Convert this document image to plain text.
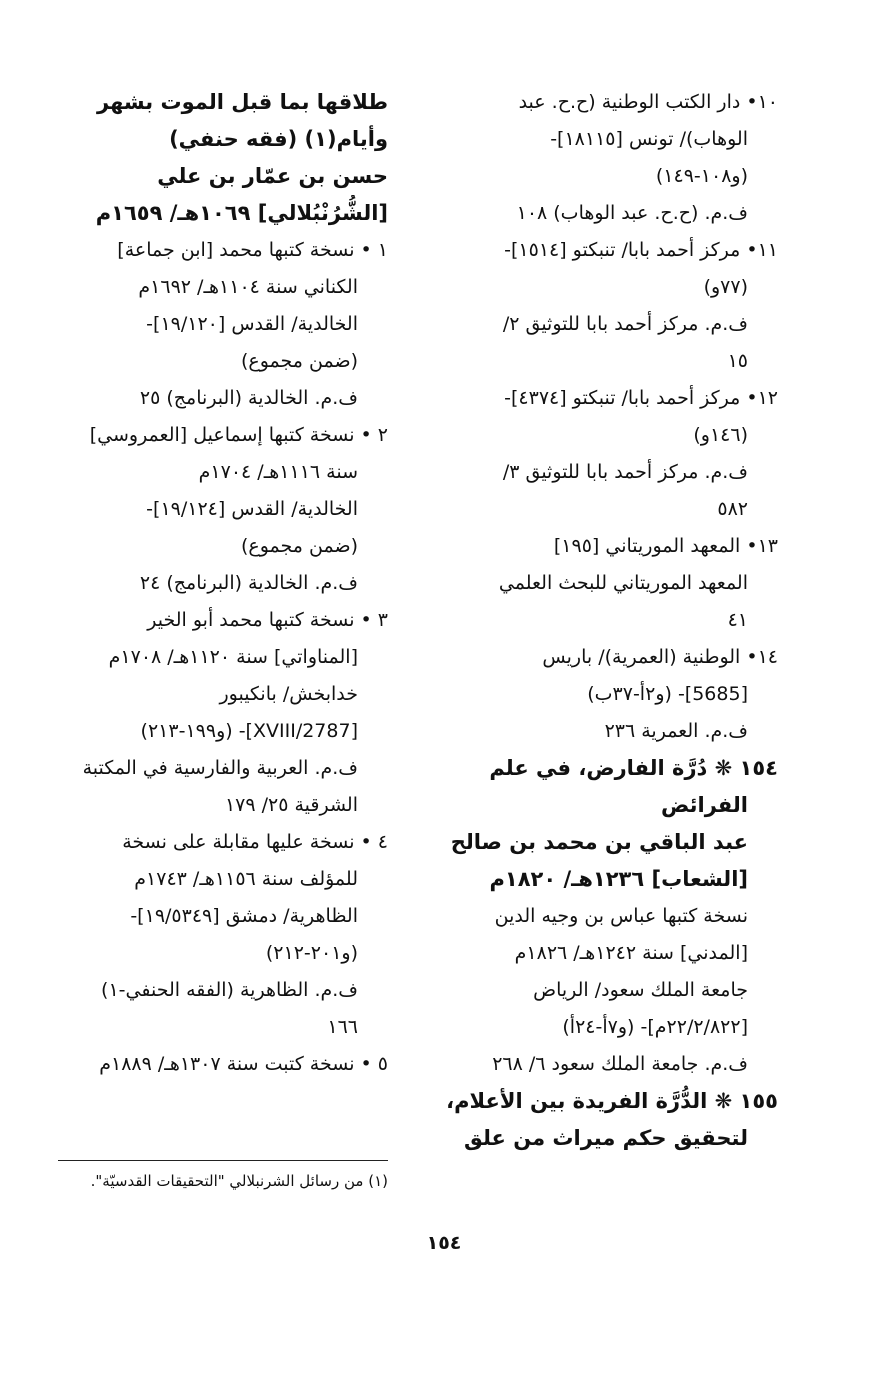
١٠• دار الكتب الوطنية (ح.ح. عبد
الوهاب)/ تونس [١٨١١٥]-
(و١٠٨-١٤٩)
ف.م. (ح.ح. عبد الوهاب) ١٠٨
١١• مركز أحمد بابا/ تنبكتو [١٥١٤]-
(٧٧و)
ف.م. مركز أحمد بابا للتوثيق ٢/
١٥
١٢• مركز أحمد بابا/ تنبكتو [٤٣٧٤]-
(١٤٦و)
ف.م. مركز أحمد بابا للتوثيق ٣/
٥٨٢
١٣• المعهد الموريتاني [١٩٥]
المعهد الموريتاني للبحث العلمي
٤١
١٤• الوطنية (العمرية)/ باريس
[5685]- (و٢أ-٣٧ب)
ف.م. العمرية ٢٣٦
١٥٤ ❋ دُرَّة الفارض، في علم
الفرائض
عبد الباقي بن محمد بن صالح
[الشعاب] ١٢٣٦هـ/ ١٨٢٠م
نسخة كتبها عباس بن وجيه الدين
[المدني] سنة ١٢٤٢هـ/ ١٨٢٦م
جامعة الملك سعود/ الرياض
[٢٢/٢/٨٢٢م]- (و٧أ-٢٤أ)
ف.م. جامعة الملك سعود ٦/ ٢٦٨
١٥٥ ❋ الدُّرَّة الفريدة بين الأعلام،
لتحقيق حكم ميراث من علق
طلاقها بما قبل الموت بشهر
وأيام(١) (فقه حنفي)
حسن بن عمّار بن علي
[الشُّرُنْبُلالي] ١٠٦٩هـ/ ١٦٥٩م
١ • نسخة كتبها محمد [ابن جماعة]
الكناني سنة ١١٠٤هـ/ ١٦٩٢م
الخالدية/ القدس [١٩/١٢٠]-
(ضمن مجموع)
ف.م. الخالدية (البرنامج) ٢٥
٢ • نسخة كتبها إسماعيل [العمروسي]
سنة ١١١٦هـ/ ١٧٠٤م
الخالدية/ القدس [١٩/١٢٤]-
(ضمن مجموع)
ف.م. الخالدية (البرنامج) ٢٤
٣ • نسخة كتبها محمد أبو الخير
[المناواتي] سنة ١١٢٠هـ/ ١٧٠٨م
خدابخش/ بانكيبور
[2787/XVIII]- (و١٩٩-٢١٣)
ف.م. العربية والفارسية في المكتبة
الشرقية ٢٥/ ١٧٩
٤ • نسخة عليها مقابلة على نسخة
للمؤلف سنة ١١٥٦هـ/ ١٧٤٣م
الظاهرية/ دمشق [١٩/٥٣٤٩]-
(و٢٠١-٢١٢)
ف.م. الظاهرية (الفقه الحنفي-١)
١٦٦
٥ • نسخة كتبت سنة ١٣٠٧هـ/ ١٨٨٩م
(١) من رسائل الشرنبلالي "التحقيقات القدسيّة".
١٥٤
